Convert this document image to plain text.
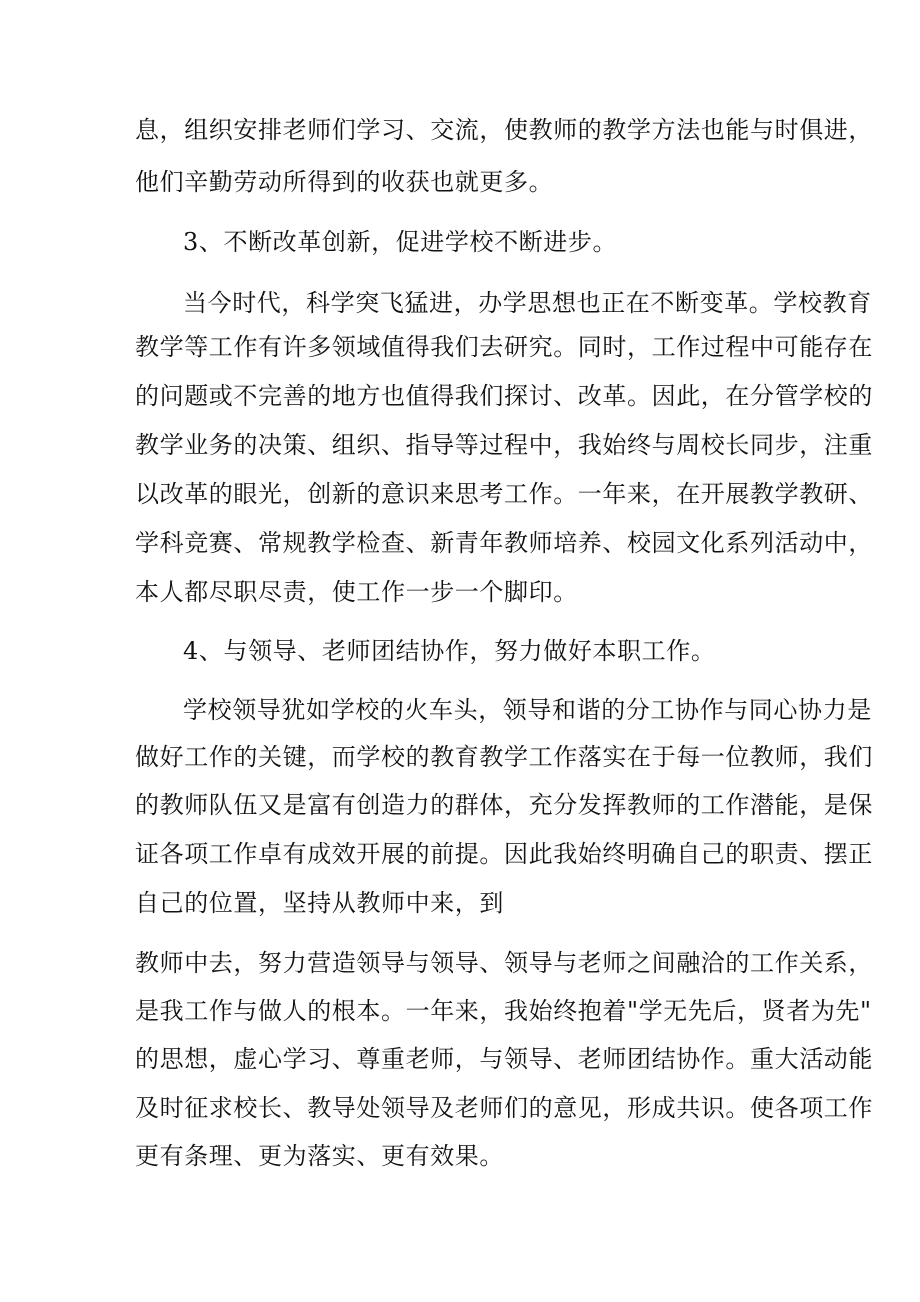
息，组织安排老师们学习、交流，使教师的教学方法也能与时俱进，
他们辛勤劳动所得到的收获也就更多。
3、不断改革创新，促进学校不断进步。
当今时代，科学突飞猛进，办学思想也正在不断变革。学校教育
教学等工作有许多领域值得我们去研究。同时，工作过程中可能存在
的问题或不完善的地方也值得我们探讨、改革。因此，在分管学校的
教学业务的决策、组织、指导等过程中，我始终与周校长同步，注重
以改革的眼光，创新的意识来思考工作。一年来，在开展教学教研、
学科竞赛、常规教学检查、新青年教师培养、校园文化系列活动中，
本人都尽职尽责，使工作一步一个脚印。
4、与领导、老师团结协作，努力做好本职工作。
学校领导犹如学校的火车头，领导和谐的分工协作与同心协力是
做好工作的关键，而学校的教育教学工作落实在于每一位教师，我们
的教师队伍又是富有创造力的群体，充分发挥教师的工作潜能，是保
证各项工作卓有成效开展的前提。因此我始终明确自己的职责、摆正
自己的位置，坚持从教师中来，到
教师中去，努力营造领导与领导、领导与老师之间融洽的工作关系，
是我工作与做人的根本。一年来，我始终抱着"学无先后，贤者为先"
的思想，虚心学习、尊重老师，与领导、老师团结协作。重大活动能
及时征求校长、教导处领导及老师们的意见，形成共识。使各项工作
更有条理、更为落实、更有效果。
